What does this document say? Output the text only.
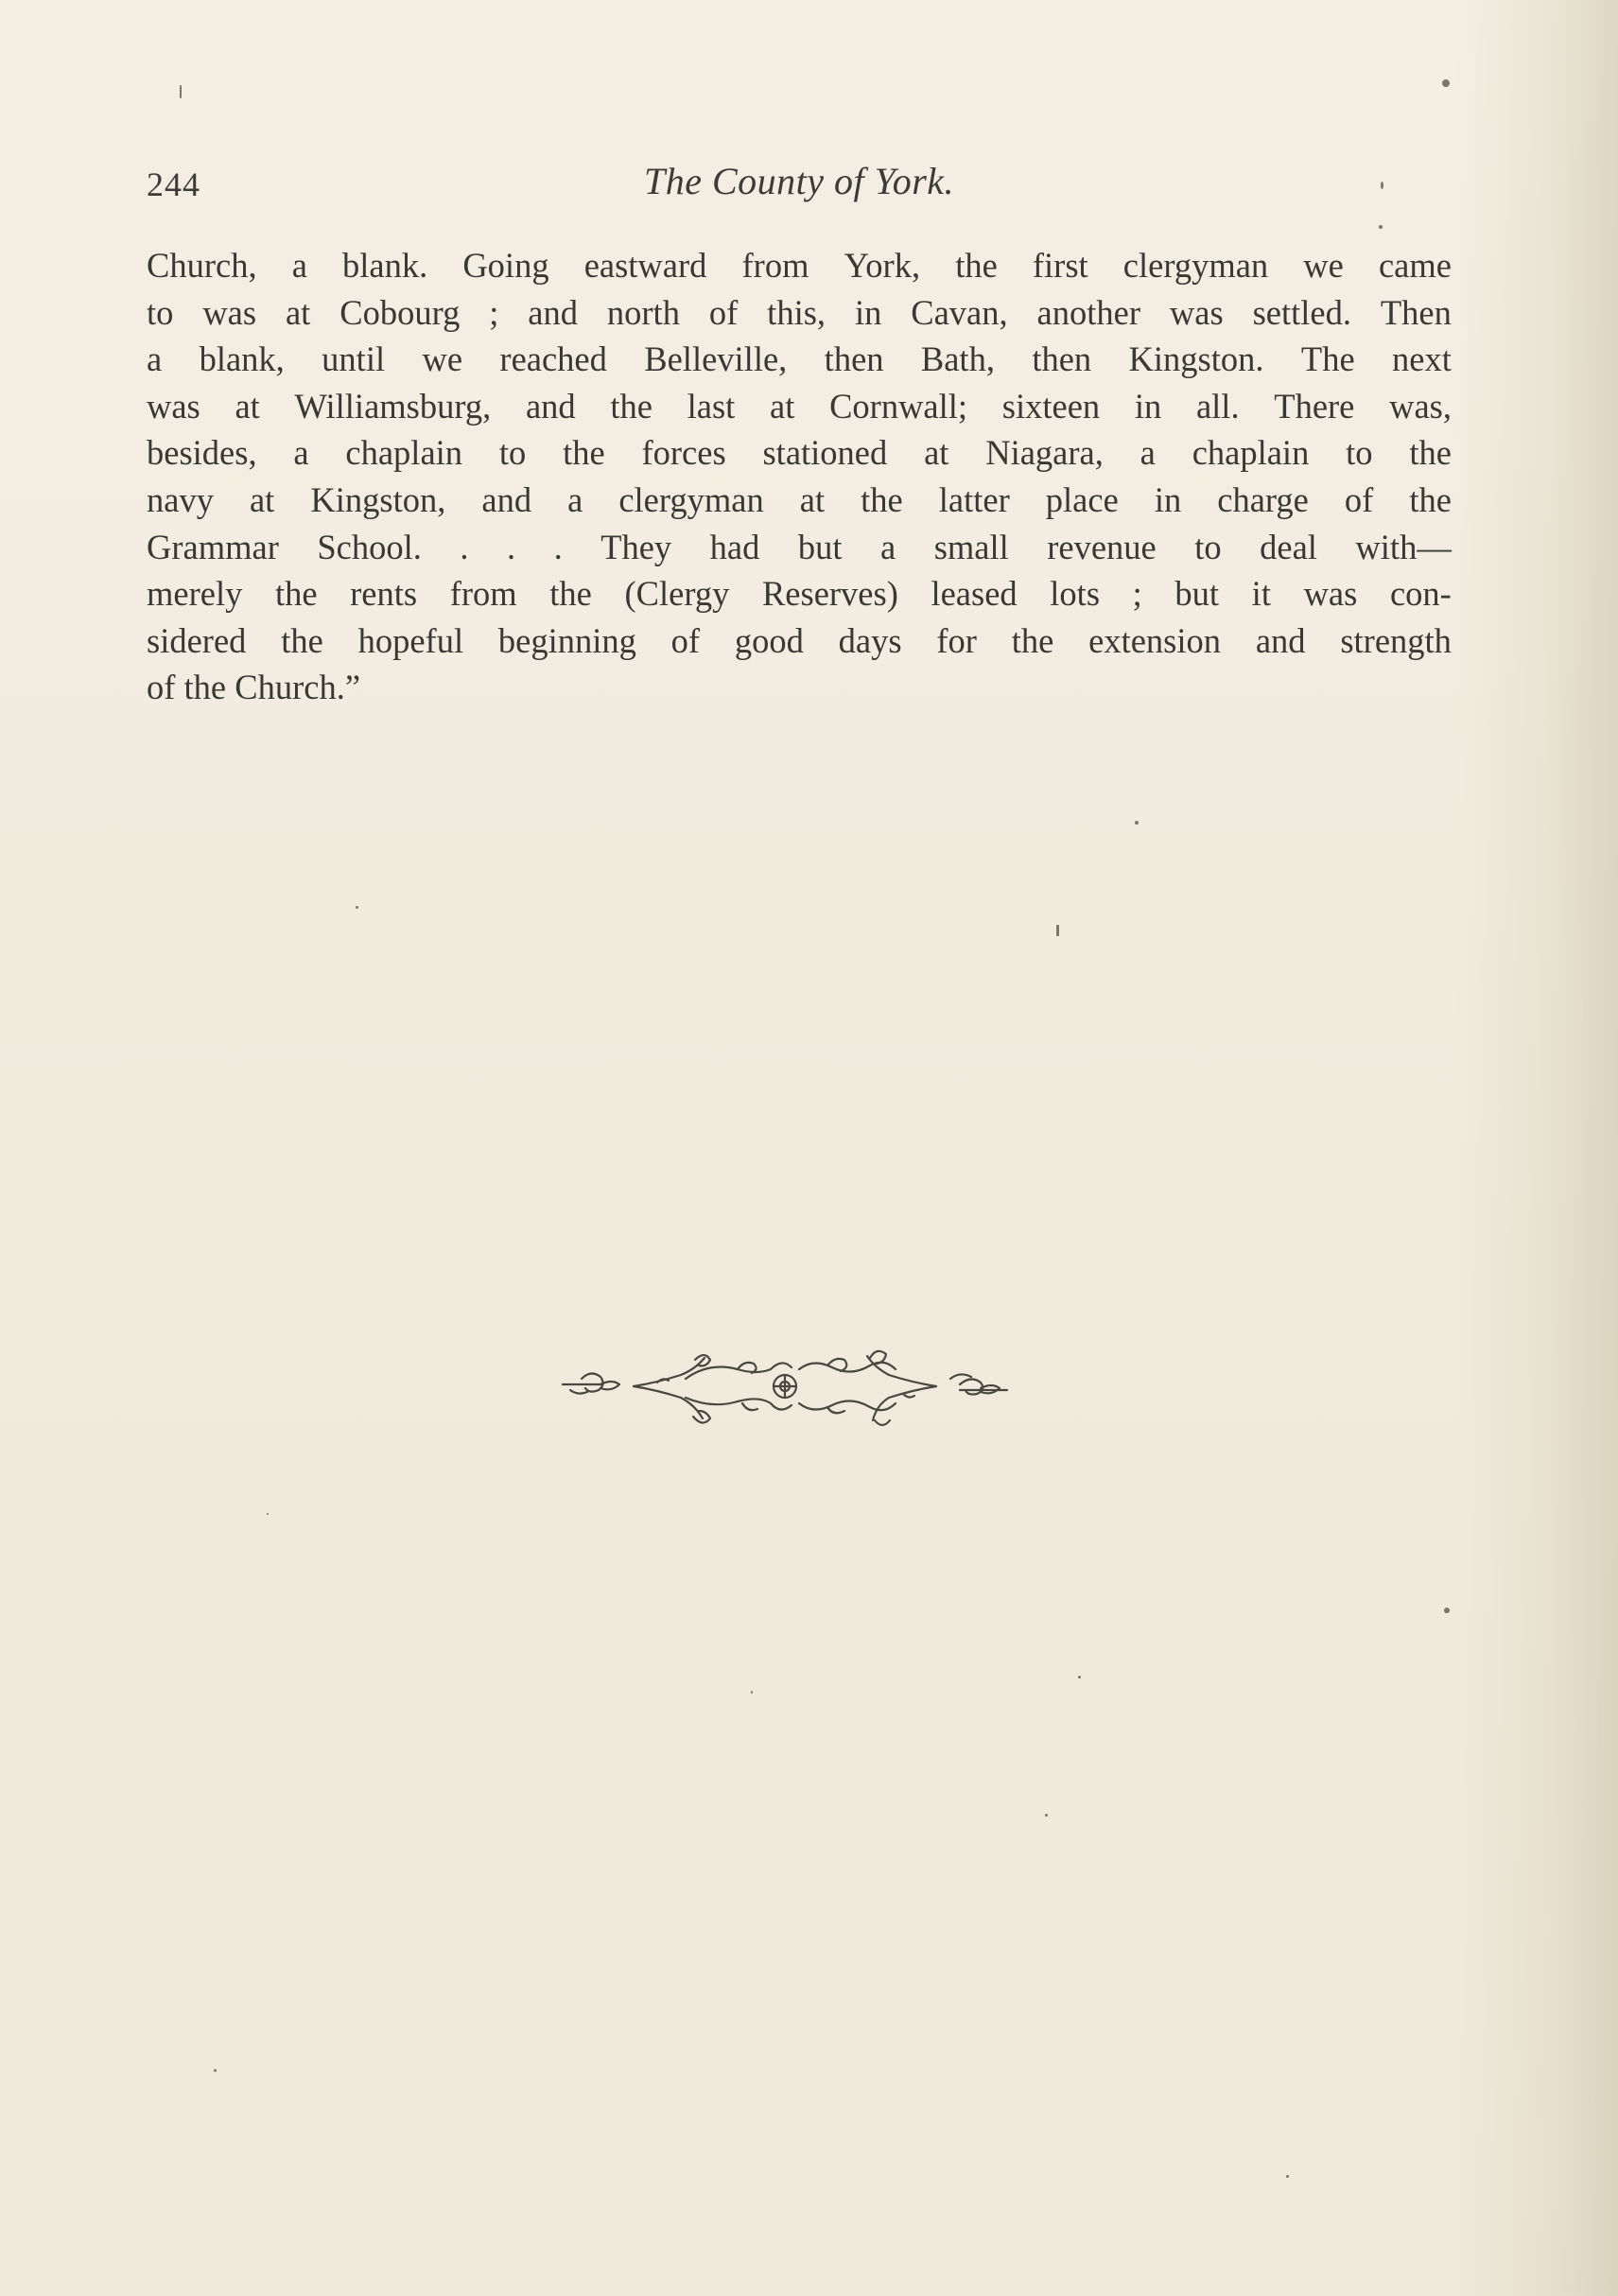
244	The County of York.
Church, a blank. Going eastward from York, the first clergyman we came
to was at Cobourg ; and north of this, in Cavan, another was settled. Then
a blank, until we reached Belleville, then Bath, then Kingston. The next
was at Williamsburg, and the last at Cornwall; sixteen in all. There was,
besides, a chaplain to the forces stationed at Niagara, a chaplain to the
navy at Kingston, and a clergyman at the latter place in charge of the
Grammar School. . . . They had but a small revenue to deal with—
merely the rents from the (Clergy Reserves) leased lots ; but it was con-
sidered the hopeful beginning of good days for the extension and strength
of the Church.”
